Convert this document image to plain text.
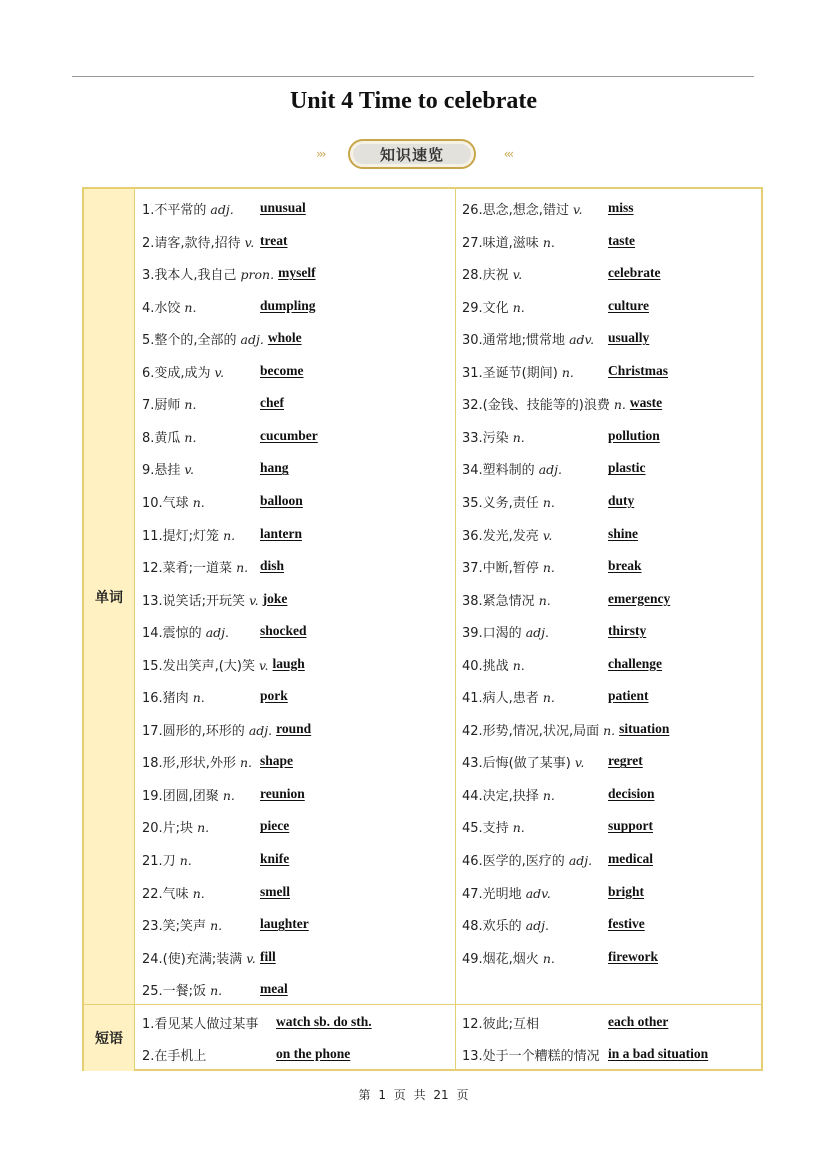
Unit 4 Time to celebrate
›››	知识速览	‹‹‹
单词
短语
1.不平常的 adj. unusual
2.请客,款待,招待 v. treat
3.我本人,我自己 pron. myself
4.水饺 n.	dumpling
5.整个的,全部的 adj. whole
6.变成,成为 v.	become
7.厨师 n.	chef
8.黄瓜 n.	cucumber
9.悬挂 v.	hang
10.气球 n.	balloon
11.提灯;灯笼 n. lantern
12.菜肴;一道菜 n. dish
13.说笑话;开玩笑 v. joke
14.震惊的 adj. shocked
15.发出笑声,(大)笑 v. laugh
16.猪肉 n.	pork
17.圆形的,环形的 adj. round
18.形,形状,外形 n. shape
19.团圆,团聚 n. reunion
20.片;块 n.	piece
21.刀 n.	knife
22.气味 n.	smell
23.笑;笑声 n.	laughter
24.(使)充满;装满 v. fill
25.一餐;饭 n.	meal
26.思念,想念,错过 v. miss
27.味道,滋味 n.	taste
28.庆祝 v.	celebrate
29.文化 n.	culture
30.通常地;惯常地 adv. usually
31.圣诞节(期间) n.	Christmas
32.(金钱、技能等的)浪费 n. waste
33.污染 n.	pollution
34.塑料制的 adj.	plastic
35.义务,责任 n.	duty
36.发光,发亮 v.	shine
37.中断,暂停 n.	break
38.紧急情况 n.	emergency
39.口渴的 adj.	thirsty
40.挑战 n.	challenge
41.病人,患者 n.	patient
42.形势,情况,状况,局面 n. situation
43.后悔(做了某事) v. regret
44.决定,抉择 n.	decision
45.支持 n.	support
46.医学的,医疗的 adj. medical
47.光明地 adv.	bright
48.欢乐的 adj.	festive
49.烟花,烟火 n.	firework
1.看见某人做过某事 watch sb. do sth.
2.在手机上	on the phone
12.彼此;互相	each other
13.处于一个糟糕的情况 in a bad situation
第 1 页 共 21 页
